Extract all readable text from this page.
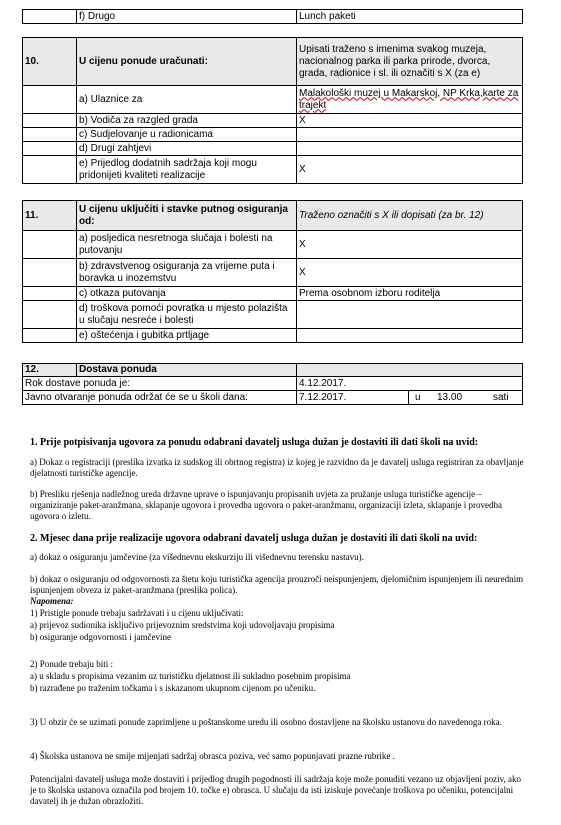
	f) Drugo	Lunch paketi
10.	U cijenu ponude uračunati:	Upisati traženo s imenima svakog muzeja, nacionalnog parka ili parka prirode, dvorca, grada, radionice i sl. ili označiti s X (za e)
	a) Ulaznice za	Malakološki muzej u Makarskoj, NP Krka,karte za trajekt
	b) Vodiča za razgled grada	X
	c) Sudjelovanje u radionicama	
	d) Drugi zahtjevi	
	e) Prijedlog dodatnih sadržaja koji mogu pridonijeti kvaliteti realizacije	X
11.	U cijenu uključiti i stavke putnog osiguranja od:	Traženo označiti s X ili dopisati (za br. 12)
	a) posljedica nesretnoga slučaja i bolesti na putovanju	X
	b) zdravstvenog osiguranja za vrijeme puta i boravka u inozemstvu	X
	c) otkaza putovanja	Prema osobnom izboru roditelja
	d) troškova pomoći povratka u mjesto polazišta u slučaju nesreće i bolesti	
	e) oštećenja i gubitka prtljage	
12.	Dostava ponuda		
Rok dostave ponuda je:		4.12.2017.	
Javno otvaranje ponuda održat će se u školi dana:		7.12.2017.	u 13.00 sati

1. Prije potpisivanja ugovora za ponudu odabrani davatelj usluga dužan je dostaviti ili dati školi na uvid:

a) Dokaz o registraciji (preslika izvatka iz sudskog ili obrtnog registra) iz kojeg je razvidno da je davatelj usluga registriran za obavljanje djelatnosti turističke agencije.

b) Presliku rješenja nadležnog ureda državne uprave o ispunjavanju propisanih uvjeta za pružanje usluga turističke agencije – organiziranje paket-aranžmana, sklapanje ugovora i provedba ugovora o paket-aranžmanu, organizaciji izleta, sklapanje i provedba ugovora o izletu.

2. Mjesec dana prije realizacije ugovora odabrani davatelj usluga dužan je dostaviti ili dati školi na uvid:

a) dokaz o osiguranju jamčevine (za višednevnu ekskurziju ili višednevnu terensku nastavu).

b) dokaz o osiguranju od odgovornosti za štetu koju turistička agencija prouzroči neispunjenjem, djelomičnim ispunjenjem ili neurednim ispunjenjem obveza iz paket-aranžmana (preslika polica).

Napomena:

1) Pristigle ponude trebaju sadržavati i u cijenu uključivati:

a) prijevoz sudionika isključivo prijevoznim sredstvima koji udovoljavaju propisima

b) osiguranje odgovornosti i jamčevine

2) Ponude trebaju biti :

a) u skladu s propisima vezanim uz turističku djelatnost ili sukladno posebnim propisima

b) razrađene po traženim točkama i s iskazanom ukupnom cijenom po učeniku.

3) U obzir će se uzimati ponude zaprimljene u poštanskome uredu ili osobno dostavljene na školsku ustanovu do navedenoga roka.

4) Školska ustanova ne smije mijenjati sadržaj obrasca poziva, već samo popunjavati prazne rubrike .

Potencijalni davatelj usluga može dostaviti i prijedlog drugih pogodnosti ili sadržaja koje može ponuditi vezano uz objavljeni poziv, ako je to školska ustanova označila pod brojem 10. točke e) obrasca. U slučaju da isti iziskuje povećanje troškova po učeniku, potencijalni davatelj ih je dužan obrazložiti.
